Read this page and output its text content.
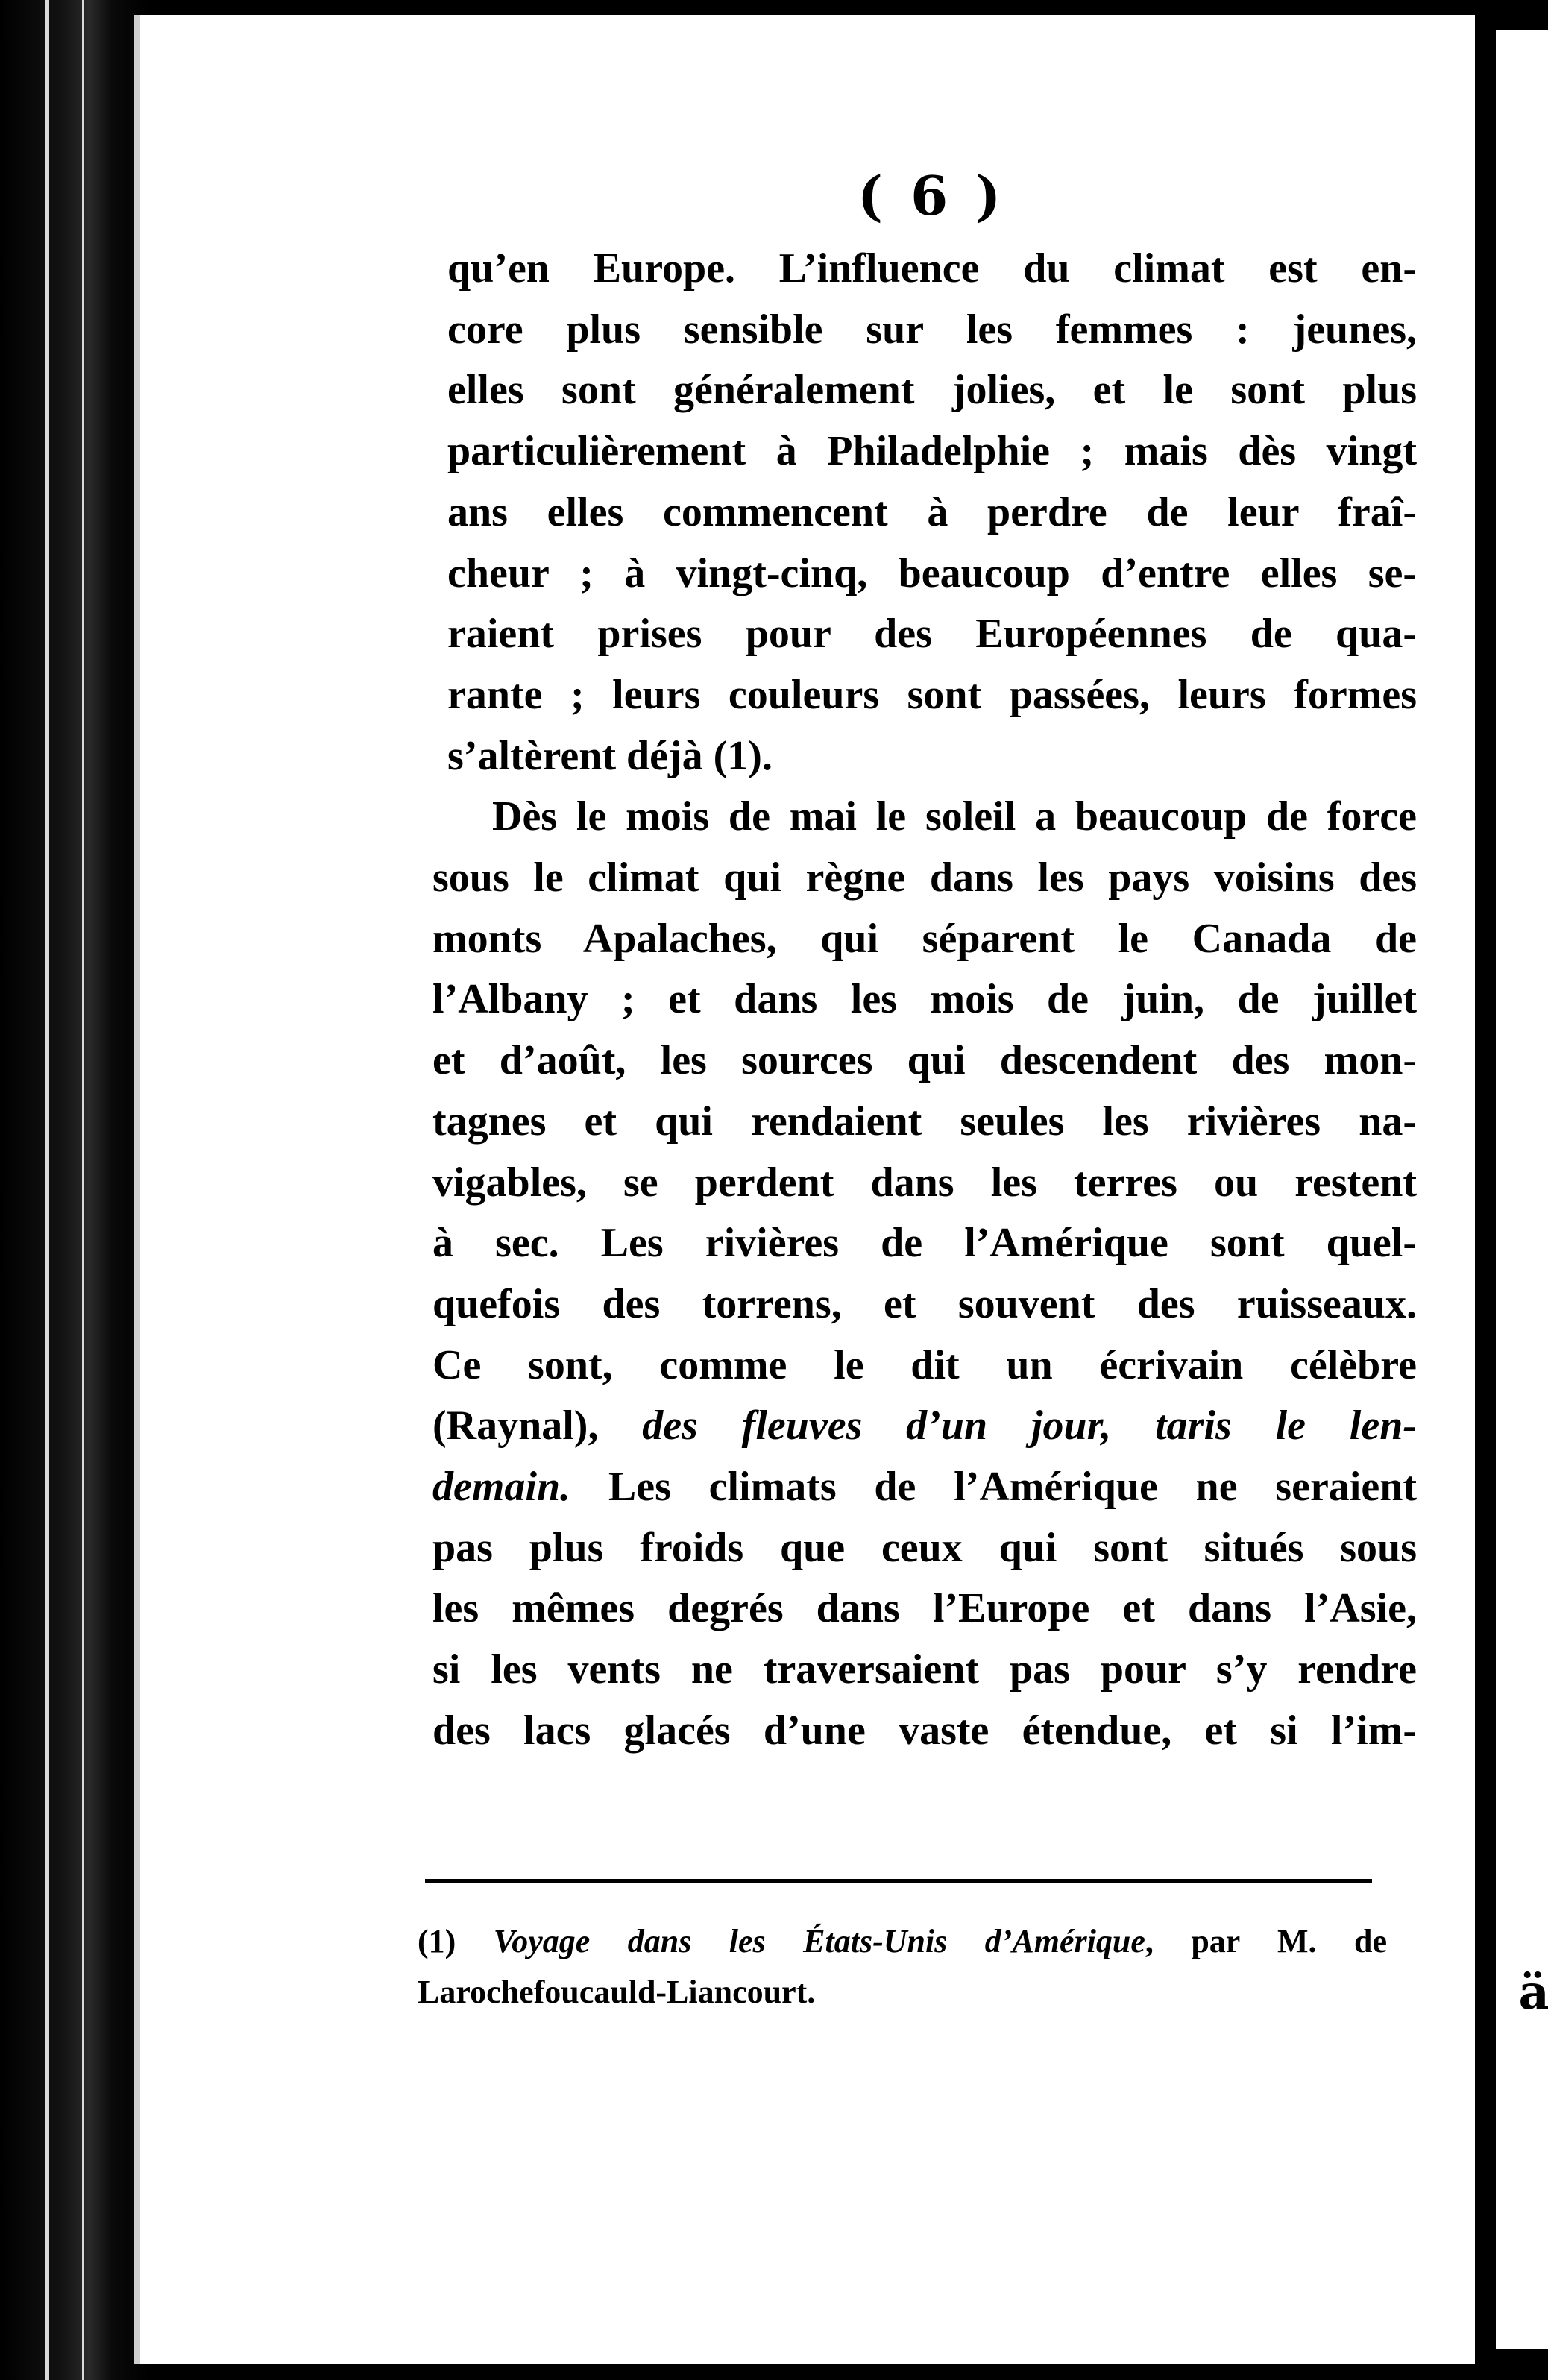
ä
( 6 )
qu’en Europe. L’influence du climat est en-
core plus sensible sur les femmes : jeunes,
elles sont généralement jolies, et le sont plus
particulièrement à Philadelphie ; mais dès vingt
ans elles commencent à perdre de leur fraî-
cheur ; à vingt-cinq, beaucoup d’entre elles se-
raient prises pour des Européennes de qua-
rante ; leurs couleurs sont passées, leurs formes
s’altèrent déjà (1).
Dès le mois de mai le soleil a beaucoup de force
sous le climat qui règne dans les pays voisins des
monts Apalaches, qui séparent le Canada de
l’Albany ; et dans les mois de juin, de juillet
et d’août, les sources qui descendent des mon-
tagnes et qui rendaient seules les rivières na-
vigables, se perdent dans les terres ou restent
à sec. Les rivières de l’Amérique sont quel-
quefois des torrens, et souvent des ruisseaux.
Ce sont, comme le dit un écrivain célèbre
(Raynal), des fleuves d’un jour, taris le len-
demain. Les climats de l’Amérique ne seraient
pas plus froids que ceux qui sont situés sous
les mêmes degrés dans l’Europe et dans l’Asie,
si les vents ne traversaient pas pour s’y rendre
des lacs glacés d’une vaste étendue, et si l’im-
(1) Voyage dans les États-Unis d’Amérique, par M. de
Larochefoucauld-Liancourt.
